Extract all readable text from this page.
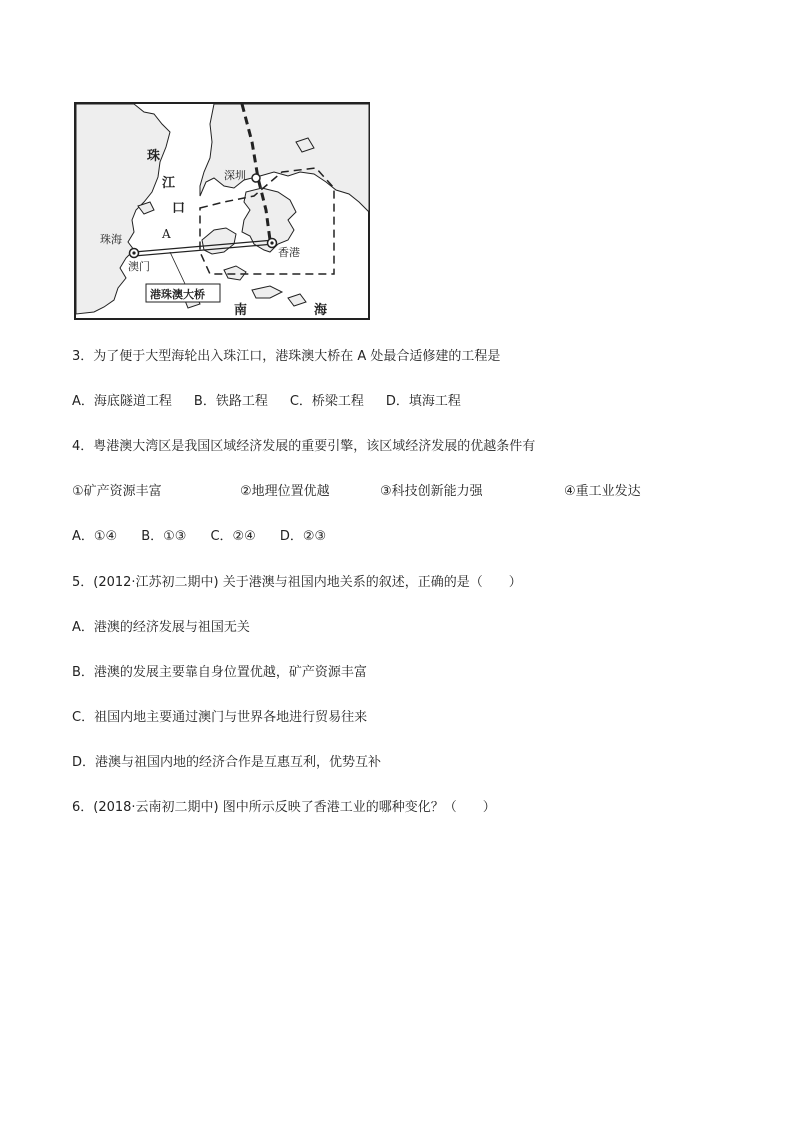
珠
江
口
深圳
珠海	A
澳门
香港
港珠澳大桥
南	海
3．为了便于大型海轮出入珠江口，港珠澳大桥在 A 处最合适修建的工程是
A．海底隧道工程 B．铁路工程 C．桥梁工程 D．填海工程
4．粤港澳大湾区是我国区域经济发展的重要引擎，该区域经济发展的优越条件有
①矿产资源丰富	②地理位置优越	③科技创新能力强	④重工业发达
A．①④ B．①③ C．②④ D．②③
5．(2012·江苏初二期中) 关于港澳与祖国内地关系的叙述，正确的是（　　）
A．港澳的经济发展与祖国无关
B．港澳的发展主要靠自身位置优越，矿产资源丰富
C．祖国内地主要通过澳门与世界各地进行贸易往来
D．港澳与祖国内地的经济合作是互惠互利，优势互补
6．(2018·云南初二期中) 图中所示反映了香港工业的哪种变化？（　　）
